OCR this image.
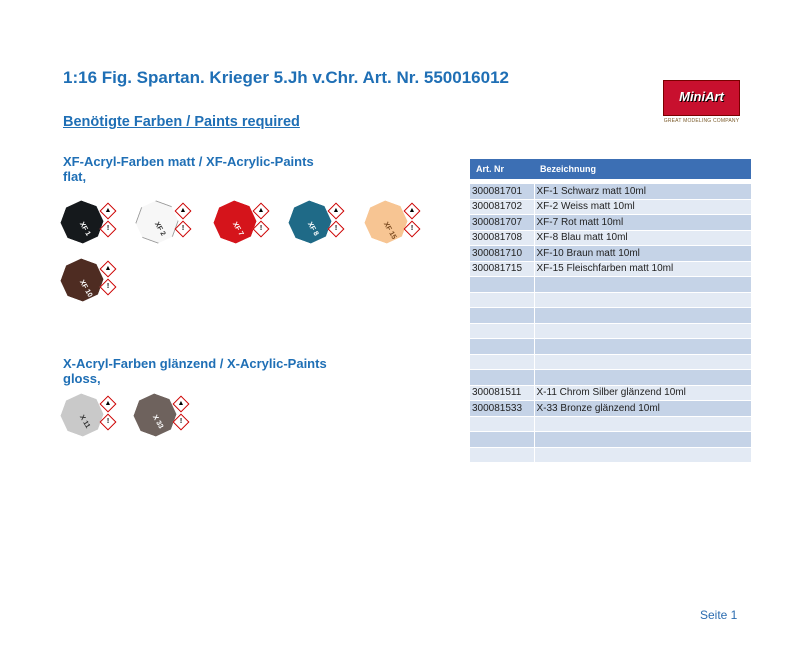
1:16 Fig. Spartan. Krieger 5.Jh v.Chr. Art. Nr. 550016012
MiniArt
GREAT MODELING COMPANY
Benötigte Farben / Paints required
XF-Acryl-Farben matt / XF-Acrylic-Paints flat,
XF 1
▲
!	XF 2
▲
!	XF 7
▲
!	XF 8
▲
!	XF 15
▲
!
XF 10
▲
!
X-Acryl-Farben glänzend / X-Acrylic-Paints gloss,
X 11
▲
!	X 33
▲
!
Art. Nr	Bezeichnung

300081701	XF-1 Schwarz matt 10ml
300081702	XF-2 Weiss matt 10ml
300081707	XF-7 Rot matt 10ml
300081708	XF-8 Blau matt 10ml
300081710	XF-10 Braun matt 10ml
300081715	XF-15 Fleischfarben matt 10ml

300081511	X-11 Chrom Silber glänzend 10ml
300081533	X-33 Bronze glänzend 10ml

Seite 1
